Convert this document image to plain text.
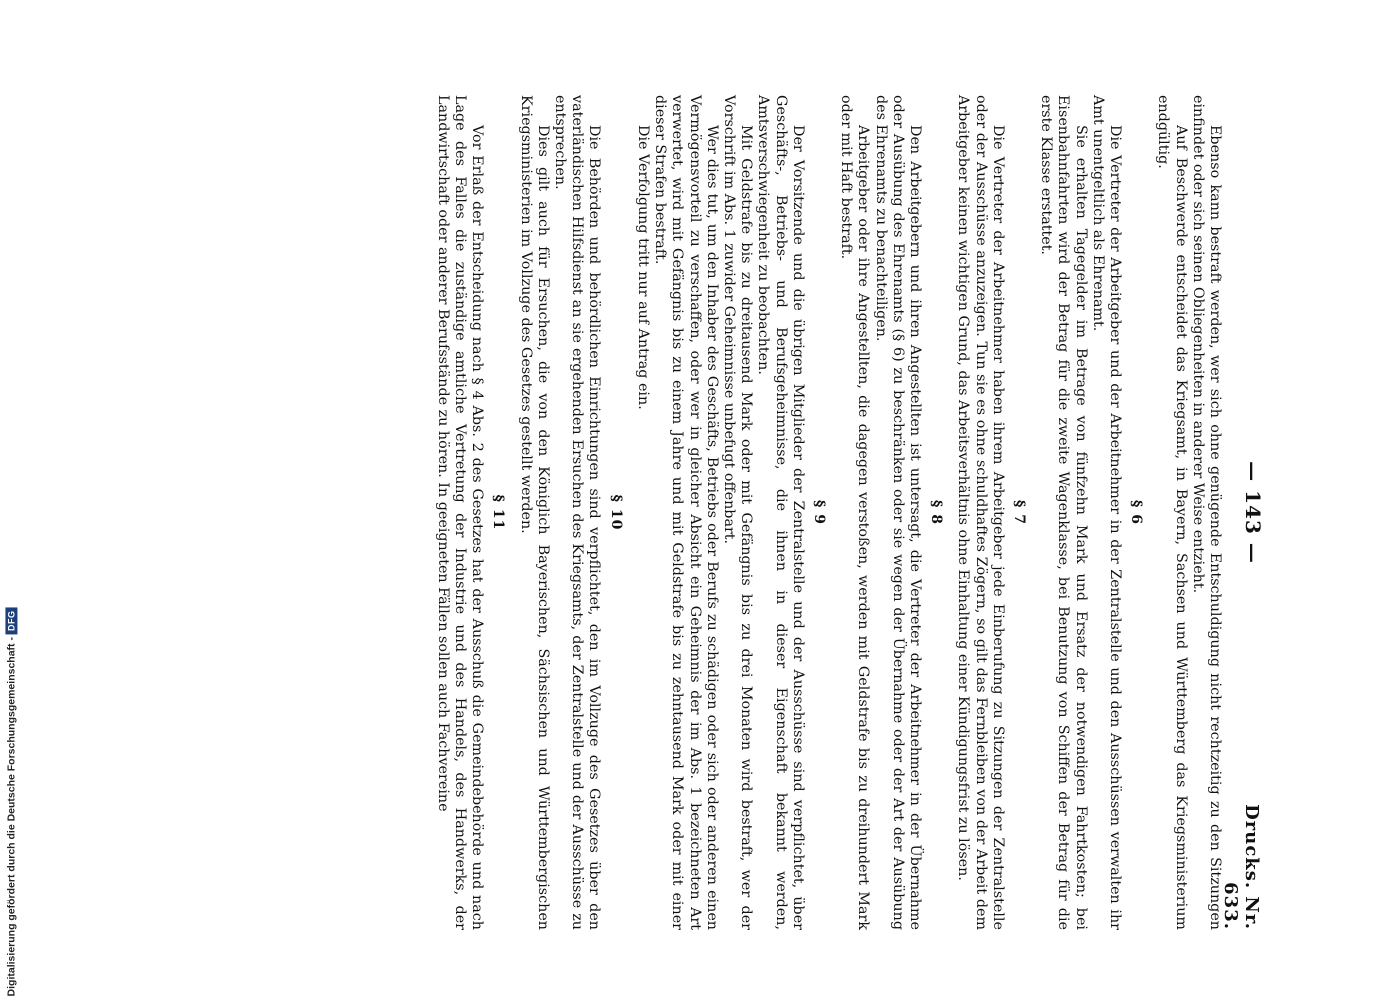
— 143 —
Drucks. Nr. 633.

Ebenso kann bestraft werden, wer sich ohne genügende Entschuldigung nicht rechtzeitig zu den Sitzungen einfindet oder sich seinen Obliegenheiten in anderer Weise entzieht.

Auf Beschwerde entscheidet das Kriegsamt, in Bayern, Sachsen und Württemberg das Kriegsministerium endgültig.

§ 6

Die Vertreter der Arbeitgeber und der Arbeitnehmer in der Zentralstelle und den Ausschüssen verwalten ihr Amt unentgeltlich als Ehrenamt.

Sie erhalten Tagegelder im Betrage von fünfzehn Mark und Ersatz der notwendigen Fahrtkosten; bei Eisenbahnfahrten wird der Betrag für die zweite Wagenklasse, bei Benutzung von Schiffen der Betrag für die erste Klasse erstattet.

§ 7

Die Vertreter der Arbeitnehmer haben ihrem Arbeitgeber jede Einberufung zu Sitzungen der Zentralstelle oder der Ausschüsse anzuzeigen. Tun sie es ohne schuldhaftes Zögern, so gilt das Fernbleiben von der Arbeit dem Arbeitgeber keinen wichtigen Grund, das Arbeitsverhältnis ohne Einhaltung einer Kündigungsfrist zu lösen.

§ 8

Den Arbeitgebern und ihren Angestellten ist untersagt, die Vertreter der Arbeitnehmer in der Übernahme oder Ausübung des Ehrenamts (§ 6) zu beschränken oder sie wegen der Übernahme oder der Art der Ausübung des Ehrenamts zu benachteiligen.

Arbeitgeber oder ihre Angestellten, die dagegen verstoßen, werden mit Geldstrafe bis zu dreihundert Mark oder mit Haft bestraft.

§ 9

Der Vorsitzende und die übrigen Mitglieder der Zentralstelle und der Ausschüsse sind verpflichtet, über Geschäfts-, Betriebs- und Berufsgeheimnisse, die ihnen in dieser Eigenschaft bekannt werden, Amtsverschwiegenheit zu beobachten.

Mit Geldstrafe bis zu dreitausend Mark oder mit Gefängnis bis zu drei Monaten wird bestraft, wer der Vorschrift im Abs. 1 zuwider Geheimnisse unbefugt offenbart.

Wer dies tut, um den Inhaber des Geschäfts, Betriebs oder Berufs zu schädigen oder sich oder anderen einen Vermögensvorteil zu verschaffen, oder wer in gleicher Absicht ein Geheimnis der im Abs. 1 bezeichneten Art verwertet, wird mit Gefängnis bis zu einem Jahre und mit Geldstrafe bis zu zehntausend Mark oder mit einer dieser Strafen bestraft.

Die Verfolgung tritt nur auf Antrag ein.

§ 10

Die Behörden und behördlichen Einrichtungen sind verpflichtet, den im Vollzuge des Gesetzes über den vaterländischen Hilfsdienst an sie ergehenden Ersuchen des Kriegsamts, der Zentralstelle und der Ausschüsse zu entsprechen.

Dies gilt auch für Ersuchen, die von den Königlich Bayerischen, Sächsischen und Württembergischen Kriegsministerien im Vollzuge des Gesetzes gestellt werden.

§ 11

Vor Erlaß der Entscheidung nach § 4 Abs. 2 des Gesetzes hat der Ausschuß die Gemeindebehörde und nach Lage des Falles die zuständige amtliche Vertretung der Industrie und des Handels, des Handwerks, der Landwirtschaft oder anderer Berufsstände zu hören. In geeigneten Fällen sollen auch Fachvereine

Digitalisierung gefördert durch die Deutsche Forschungsgemeinschaft -
DFG
